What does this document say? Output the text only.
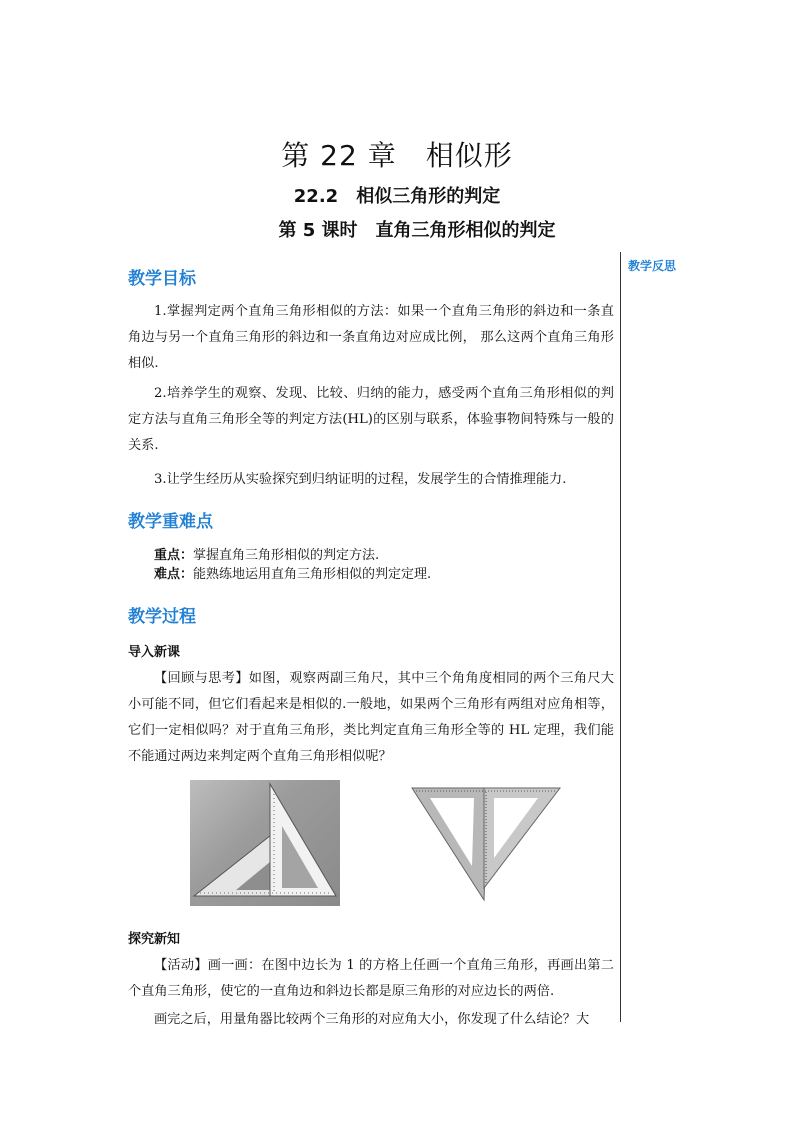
第 22 章　相似形
22.2　相似三角形的判定
第 5 课时　直角三角形相似的判定
教学反思
教学目标

1.掌握判定两个直角三角形相似的方法：如果一个直角三角形的斜边和一条直角边与另一个直角三角形的斜边和一条直角边对应成比例， 那么这两个直角三角形相似.

2.培养学生的观察、发现、比较、归纳的能力，感受两个直角三角形相似的判定方法与直角三角形全等的判定方法(HL)的区别与联系，体验事物间特殊与一般的关系.

3.让学生经历从实验探究到归纳证明的过程，发展学生的合情推理能力.

教学重难点
重点：掌握直角三角形相似的判定方法.
难点：能熟练地运用直角三角形相似的判定定理.
教学过程
导入新课

【回顾与思考】如图，观察两副三角尺，其中三个角角度相同的两个三角尺大小可能不同，但它们看起来是相似的.一般地，如果两个三角形有两组对应角相等，它们一定相似吗？对于直角三角形，类比判定直角三角形全等的 HL 定理，我们能不能通过两边来判定两个直角三角形相似呢？

探究新知

【活动】画一画：在图中边长为 1 的方格上任画一个直角三角形，再画出第二个直角三角形，使它的一直角边和斜边长都是原三角形的对应边长的两倍.

画完之后，用量角器比较两个三角形的对应角大小，你发现了什么结论？大
